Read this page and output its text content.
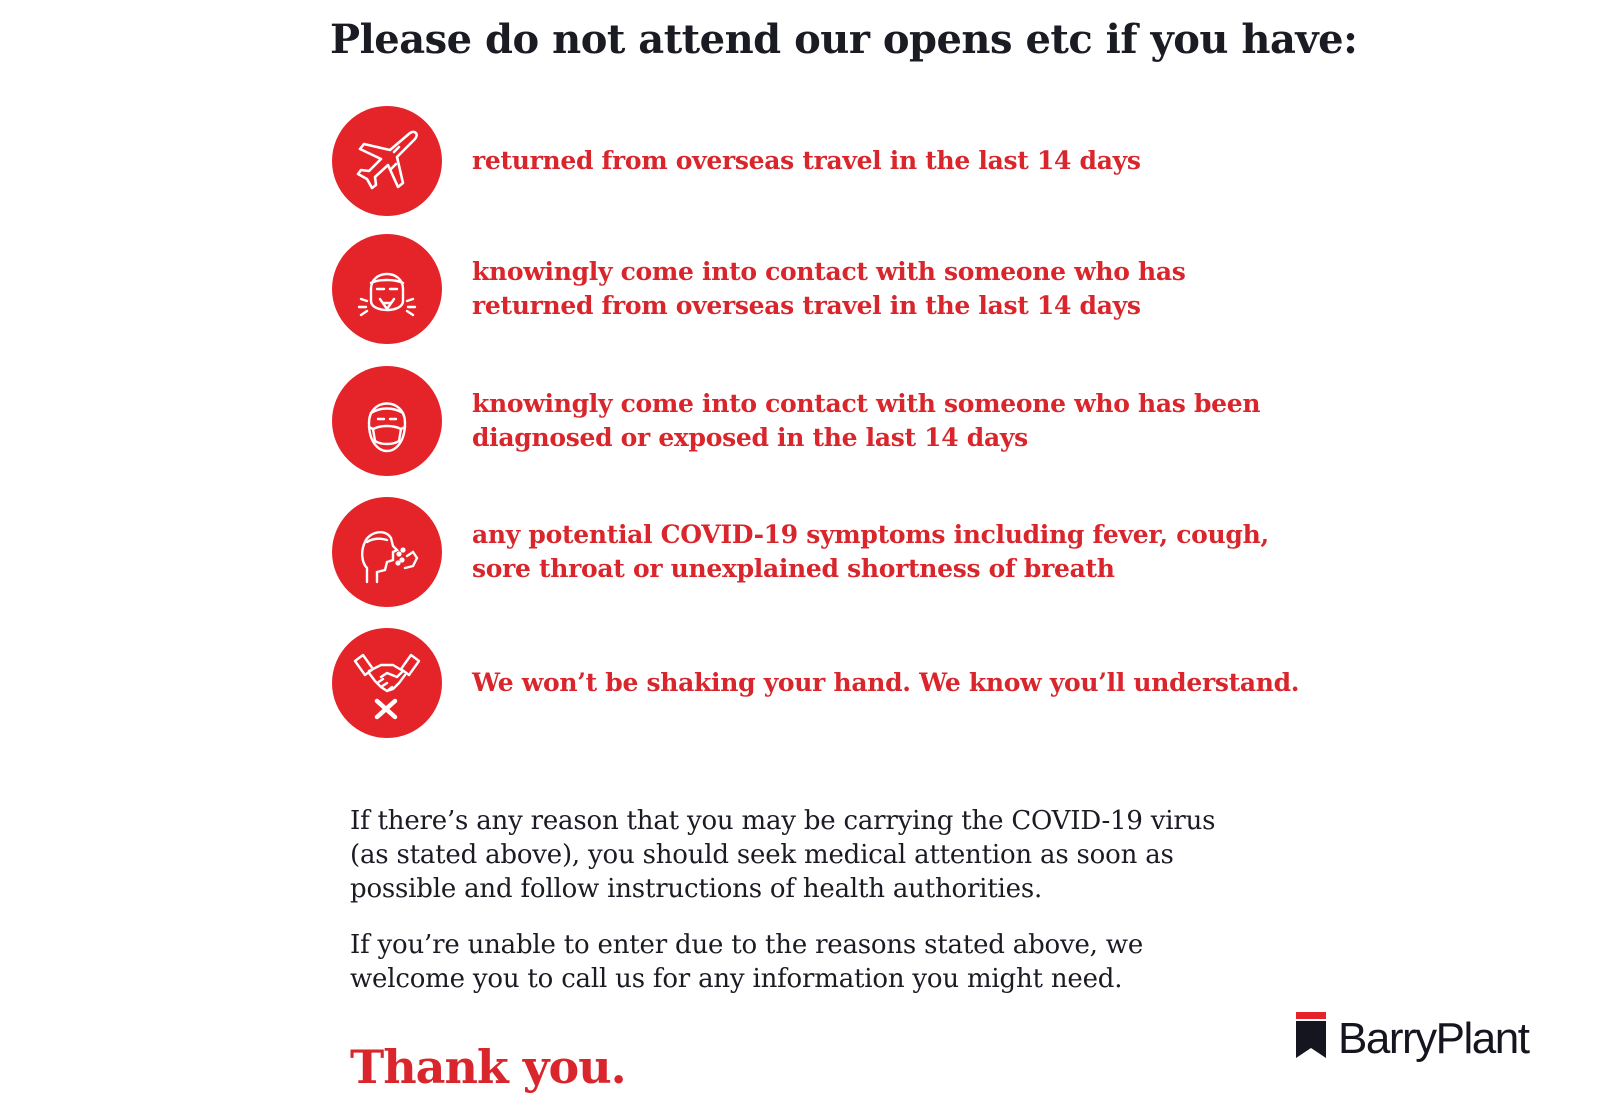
Please do not attend our opens etc if you have:
returned from overseas travel in the last 14 days
knowingly come into contact with someone who has
returned from overseas travel in the last 14 days
knowingly come into contact with someone who has been
diagnosed or exposed in the last 14 days
any potential COVID-19 symptoms including fever, cough,
sore throat or unexplained shortness of breath
We won’t be shaking your hand. We know you’ll understand.
If there’s any reason that you may be carrying the COVID-19 virus
(as stated above), you should seek medical attention as soon as
possible and follow instructions of health authorities.
If you’re unable to enter due to the reasons stated above, we
welcome you to call us for any information you might need.
Thank you.
BarryPlant
